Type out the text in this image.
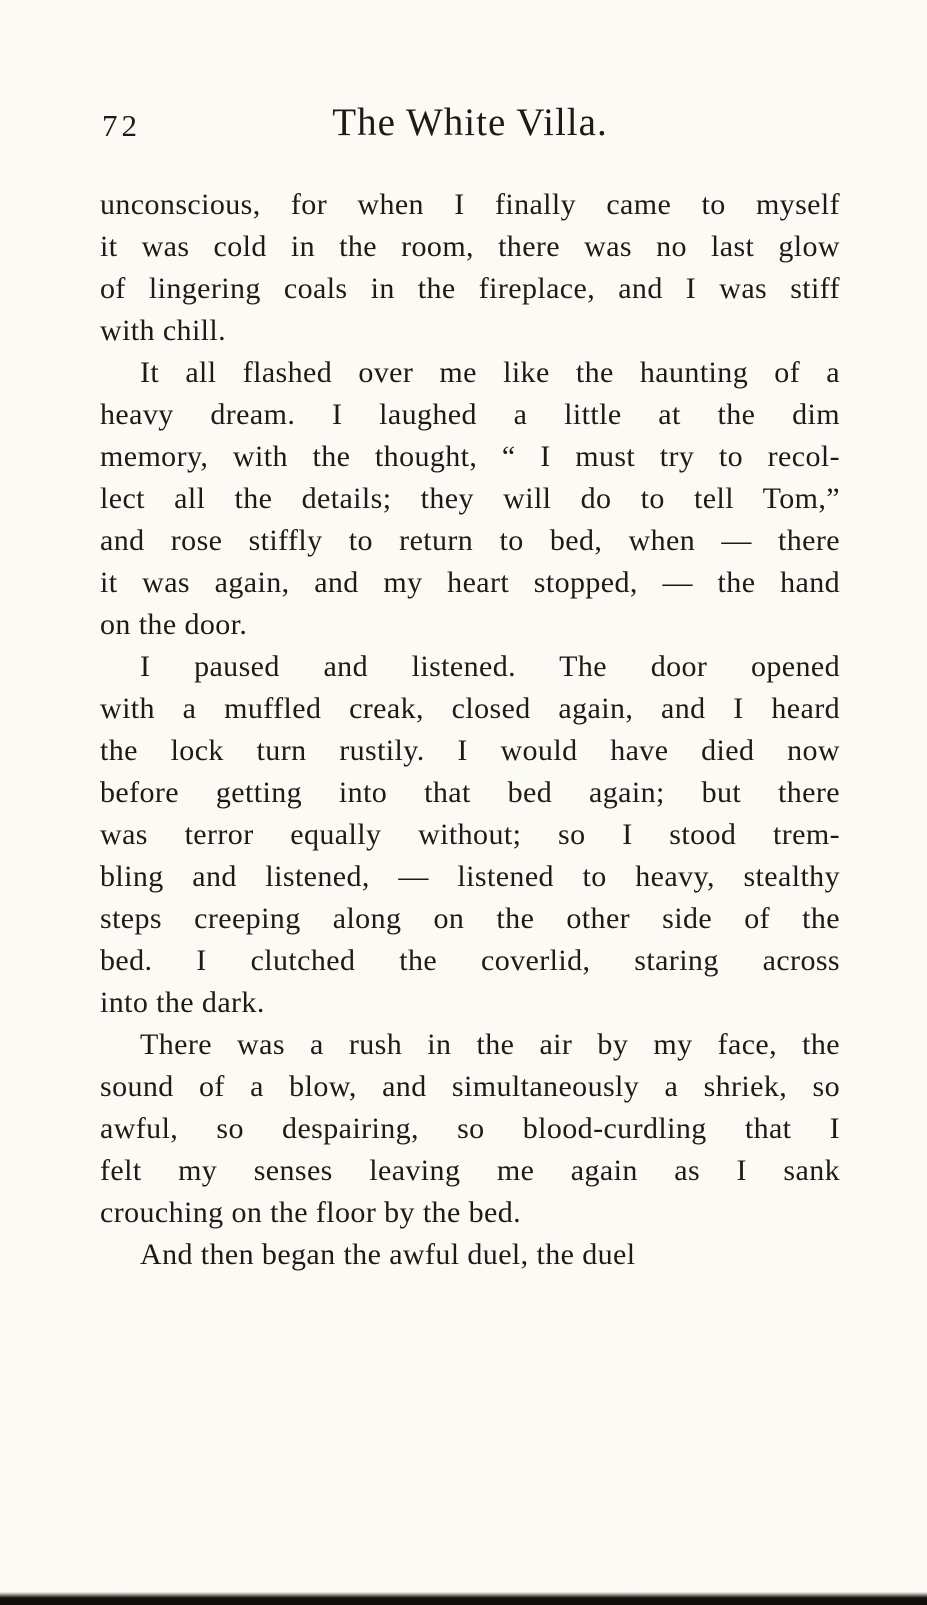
72	The White Villa.
unconscious, for when I finally came to myself
it was cold in the room, there was no last glow
of lingering coals in the fireplace, and I was stiff
with chill.
It all flashed over me like the haunting of a
heavy dream. I laughed a little at the dim
memory, with the thought, “ I must try to recol-
lect all the details; they will do to tell Tom,”
and rose stiffly to return to bed, when — there
it was again, and my heart stopped, — the hand
on the door.
I paused and listened. The door opened
with a muffled creak, closed again, and I heard
the lock turn rustily. I would have died now
before getting into that bed again; but there
was terror equally without; so I stood trem-
bling and listened, — listened to heavy, stealthy
steps creeping along on the other side of the
bed. I clutched the coverlid, staring across
into the dark.
There was a rush in the air by my face, the
sound of a blow, and simultaneously a shriek, so
awful, so despairing, so blood-curdling that I
felt my senses leaving me again as I sank
crouching on the floor by the bed.
And then began the awful duel, the duel
